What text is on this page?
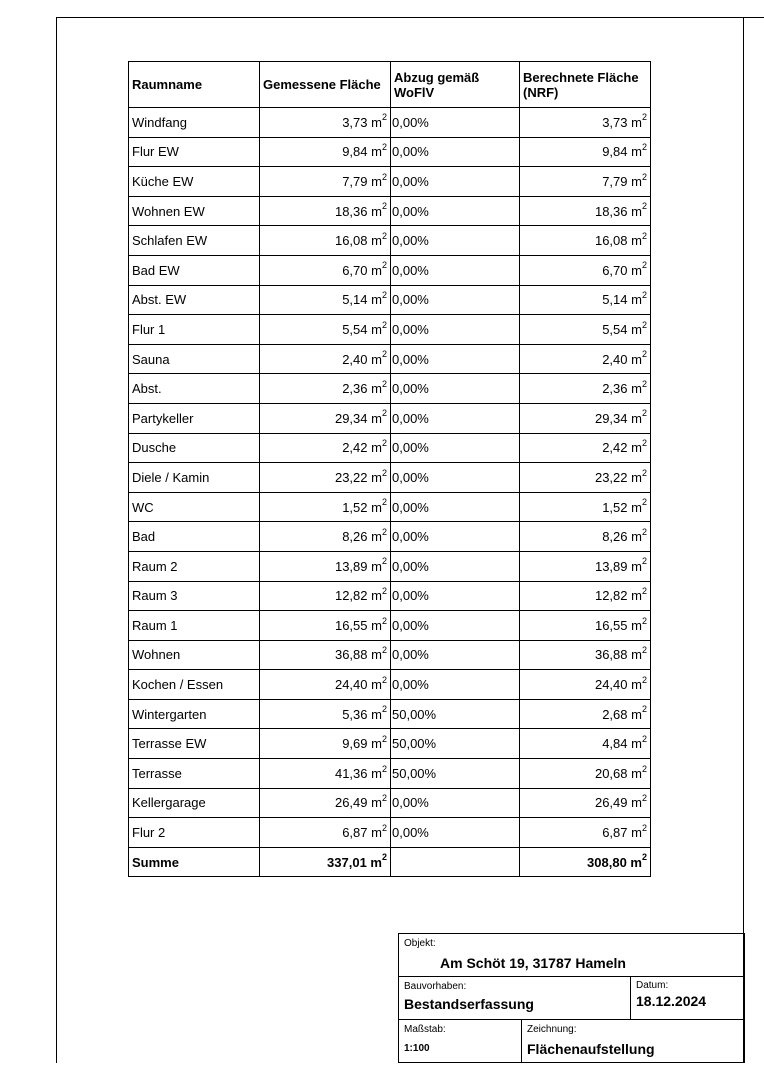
Raumname	Gemessene Fläche	Abzug gemäß WoFlV	Berechnete Fläche (NRF)
Windfang	3,73 $m^2$	0,00%	3,73 $m^2$
Flur EW	9,84 $m^2$	0,00%	9,84 $m^2$
Küche EW	7,79 $m^2$	0,00%	7,79 $m^2$
Wohnen EW	18,36 $m^2$	0,00%	18,36 $m^2$
Schlafen EW	16,08 $m^2$	0,00%	16,08 $m^2$
Bad EW	6,70 $m^2$	0,00%	6,70 $m^2$
Abst. EW	5,14 $m^2$	0,00%	5,14 $m^2$
Flur 1	5,54 $m^2$	0,00%	5,54 $m^2$
Sauna	2,40 $m^2$	0,00%	2,40 $m^2$
Abst.	2,36 $m^2$	0,00%	2,36 $m^2$
Partykeller	29,34 $m^2$	0,00%	29,34 $m^2$
Dusche	2,42 $m^2$	0,00%	2,42 $m^2$
Diele / Kamin	23,22 $m^2$	0,00%	23,22 $m^2$
WC	1,52 $m^2$	0,00%	1,52 $m^2$
Bad	8,26 $m^2$	0,00%	8,26 $m^2$
Raum 2	13,89 $m^2$	0,00%	13,89 $m^2$
Raum 3	12,82 $m^2$	0,00%	12,82 $m^2$
Raum 1	16,55 $m^2$	0,00%	16,55 $m^2$
Wohnen	36,88 $m^2$	0,00%	36,88 $m^2$
Kochen / Essen	24,40 $m^2$	0,00%	24,40 $m^2$
Wintergarten	5,36 $m^2$	50,00%	2,68 $m^2$
Terrasse EW	9,69 $m^2$	50,00%	4,84 $m^2$
Terrasse	41,36 $m^2$	50,00%	20,68 $m^2$
Kellergarage	26,49 $m^2$	0,00%	26,49 $m^2$
Flur 2	6,87 $m^2$	0,00%	6,87 $m^2$
Summe	337,01 $m^2$		308,80 $m^2$
Objekt:
Am Schöt 19, 31787 Hameln
Bauvorhaben:
Bestandserfassung
Datum:
18.12.2024
Maßstab:
1:100
Zeichnung:
Flächenaufstellung
